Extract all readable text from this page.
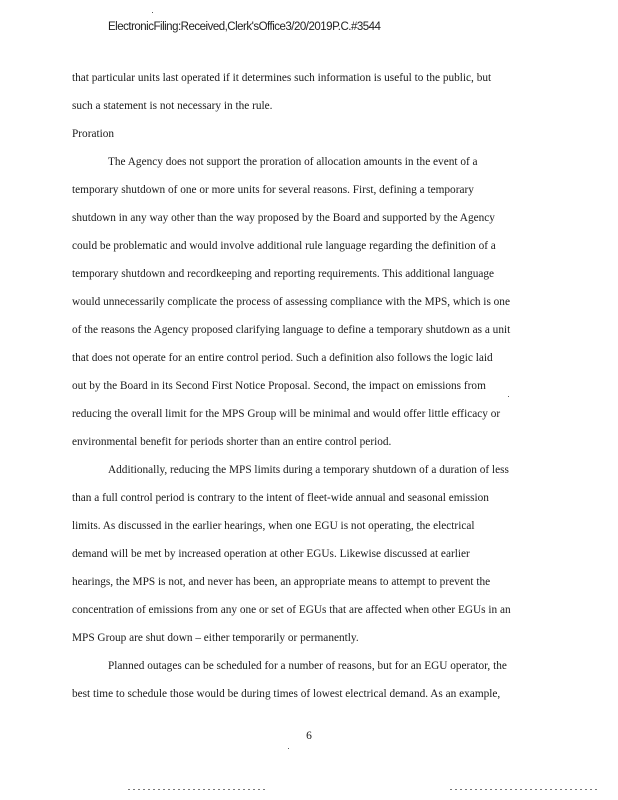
ElectronicFiling:Received,Clerk'sOffice3/20/2019P.C.#3544
that particular units last operated if it determines such information is useful to the public, but
such a statement is not necessary in the rule.
Proration
The Agency does not support the proration of allocation amounts in the event of a
temporary shutdown of one or more units for several reasons. First, defining a temporary
shutdown in any way other than the way proposed by the Board and supported by the Agency
could be problematic and would involve additional rule language regarding the definition of a
temporary shutdown and recordkeeping and reporting requirements. This additional language
would unnecessarily complicate the process of assessing compliance with the MPS, which is one
of the reasons the Agency proposed clarifying language to define a temporary shutdown as a unit
that does not operate for an entire control period. Such a definition also follows the logic laid
out by the Board in its Second First Notice Proposal. Second, the impact on emissions from
reducing the overall limit for the MPS Group will be minimal and would offer little efficacy or
environmental benefit for periods shorter than an entire control period.
Additionally, reducing the MPS limits during a temporary shutdown of a duration of less
than a full control period is contrary to the intent of fleet-wide annual and seasonal emission
limits. As discussed in the earlier hearings, when one EGU is not operating, the electrical
demand will be met by increased operation at other EGUs. Likewise discussed at earlier
hearings, the MPS is not, and never has been, an appropriate means to attempt to prevent the
concentration of emissions from any one or set of EGUs that are affected when other EGUs in an
MPS Group are shut down – either temporarily or permanently.
Planned outages can be scheduled for a number of reasons, but for an EGU operator, the
best time to schedule those would be during times of lowest electrical demand. As an example,
6
